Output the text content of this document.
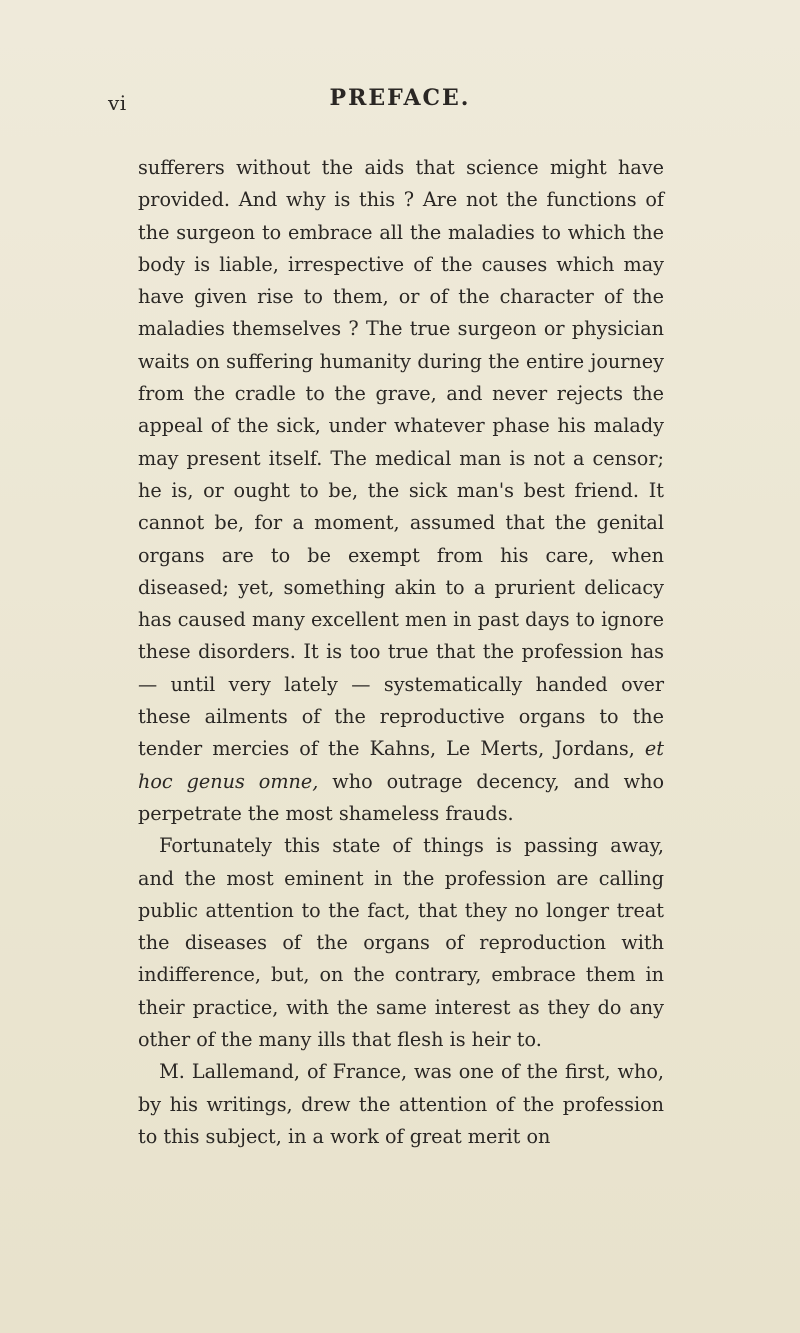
vi	PREFACE.

sufferers without the aids that science might have provided. And why is this ? Are not the functions of the surgeon to embrace all the maladies to which the body is liable, irrespective of the causes which may have given rise to them, or of the character of the maladies themselves ? The true surgeon or physician waits on suffering humanity during the entire journey from the cradle to the grave, and never rejects the appeal of the sick, under whatever phase his malady may present itself. The medical man is not a censor; he is, or ought to be, the sick man's best friend. It cannot be, for a moment, assumed that the genital organs are to be exempt from his care, when diseased; yet, something akin to a prurient delicacy has caused many excellent men in past days to ignore these disorders. It is too true that the profession has — until very lately — systematically handed over these ailments of the reproductive organs to the tender mercies of the Kahns, Le Merts, Jordans, et hoc genus omne, who outrage decency, and who perpetrate the most shameless frauds.

Fortunately this state of things is passing away, and the most eminent in the profession are calling public attention to the fact, that they no longer treat the diseases of the organs of reproduction with indifference, but, on the contrary, embrace them in their practice, with the same interest as they do any other of the many ills that flesh is heir to.

M. Lallemand, of France, was one of the first, who, by his writings, drew the attention of the profession to this subject, in a work of great merit on
